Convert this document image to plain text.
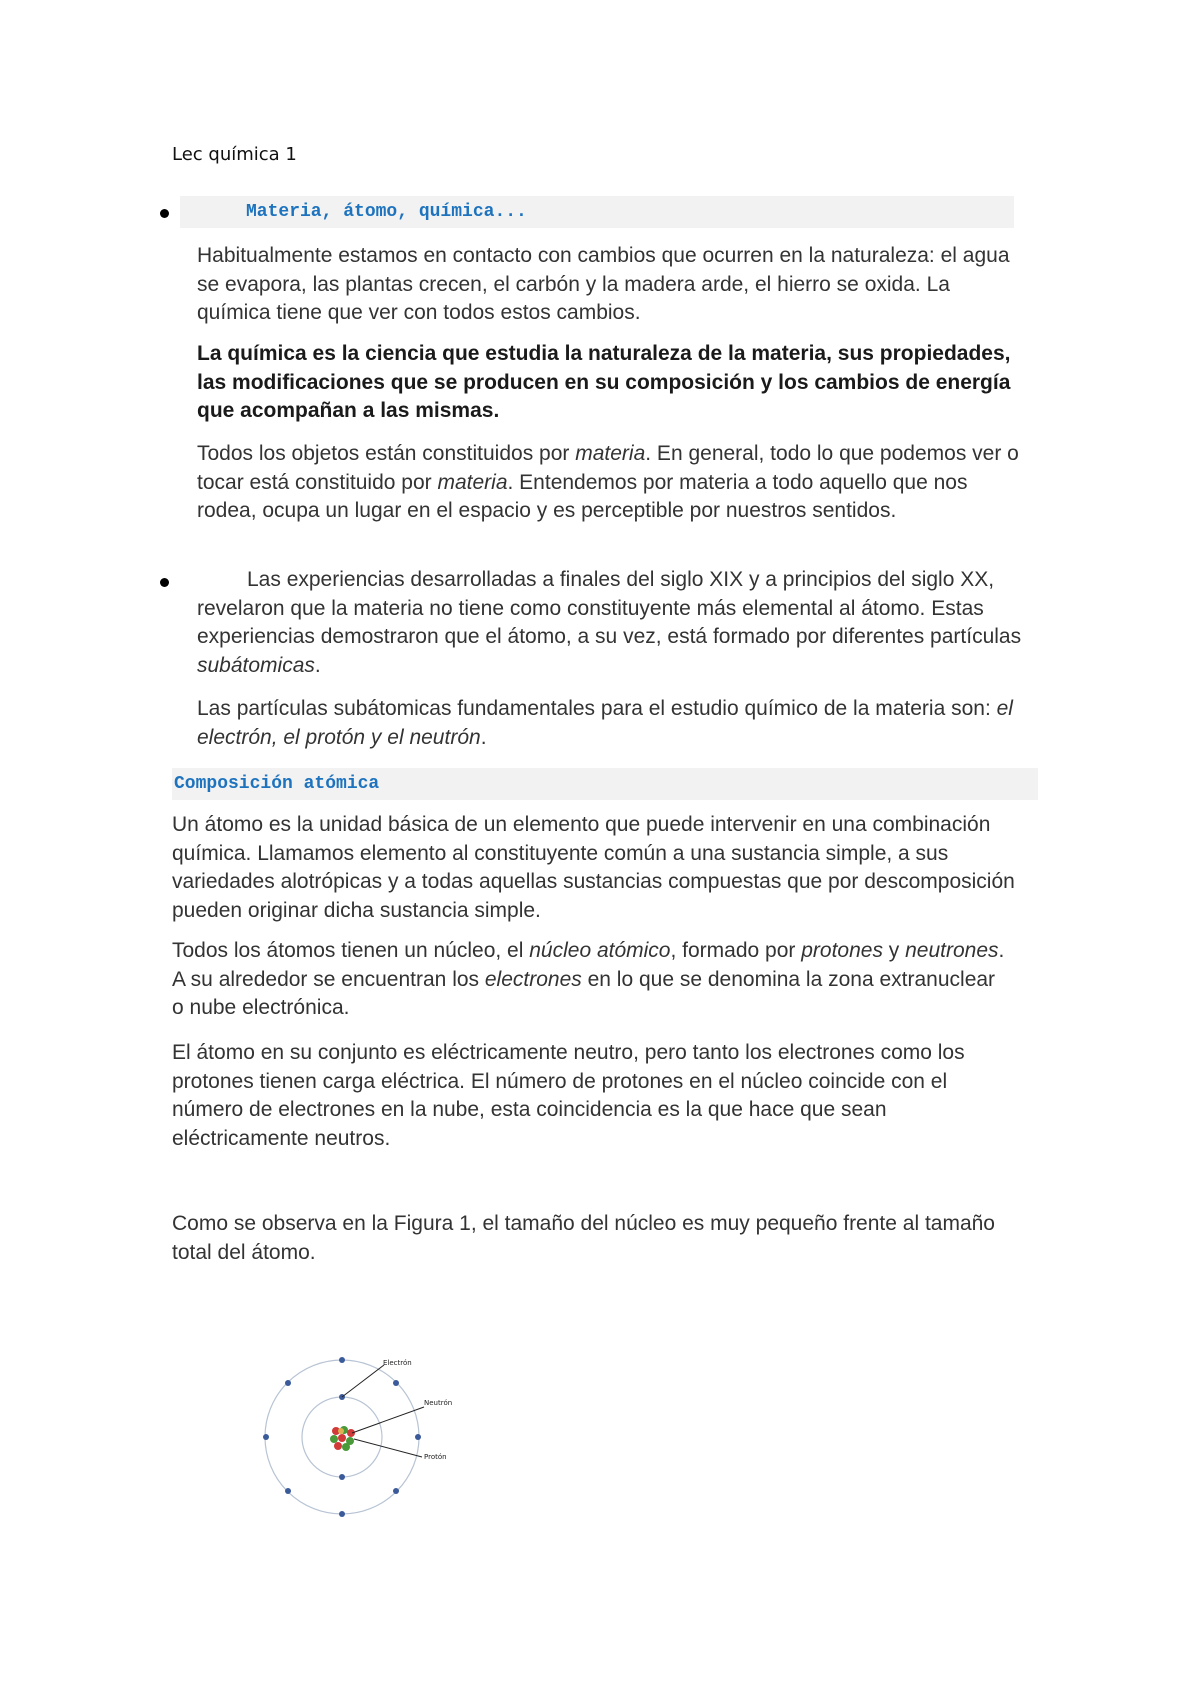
Lec química 1
Materia, átomo, química...

Habitualmente estamos en contacto con cambios que ocurren en la naturaleza: el agua se evapora, las plantas crecen, el carbón y la madera arde, el hierro se oxida. La química tiene que ver con todos estos cambios.

La química es la ciencia que estudia la naturaleza de la materia, sus propiedades, las modificaciones que se producen en su composición y los cambios de energía que acompañan a las mismas.

Todos los objetos están constituidos por materia. En general, todo lo que podemos ver o tocar está constituido por materia. Entendemos por materia a todo aquello que nos rodea, ocupa un lugar en el espacio y es perceptible por nuestros sentidos.

Las experiencias desarrolladas a finales del siglo XIX y a principios del siglo XX, revelaron que la materia no tiene como constituyente más elemental al átomo. Estas experiencias demostraron que el átomo, a su vez, está formado por diferentes partículas subátomicas.

Las partículas subátomicas fundamentales para el estudio químico de la materia son: el electrón, el protón y el neutrón.

Composición atómica

Un átomo es la unidad básica de un elemento que puede intervenir en una combinación química. Llamamos elemento al constituyente común a una sustancia simple, a sus variedades alotrópicas y a todas aquellas sustancias compuestas que por descomposición pueden originar dicha sustancia simple.

Todos los átomos tienen un núcleo, el núcleo atómico, formado por protones y neutrones. A su alrededor se encuentran los electrones en lo que se denomina la zona extranuclear o nube electrónica.

El átomo en su conjunto es eléctricamente neutro, pero tanto los electrones como los protones tienen carga eléctrica. El número de protones en el núcleo coincide con el número de electrones en la nube, esta coincidencia es la que hace que sean eléctricamente neutros.

Como se observa en la Figura 1, el tamaño del núcleo es muy pequeño frente al tamaño total del átomo.

Electrón
Neutrón
Protón
